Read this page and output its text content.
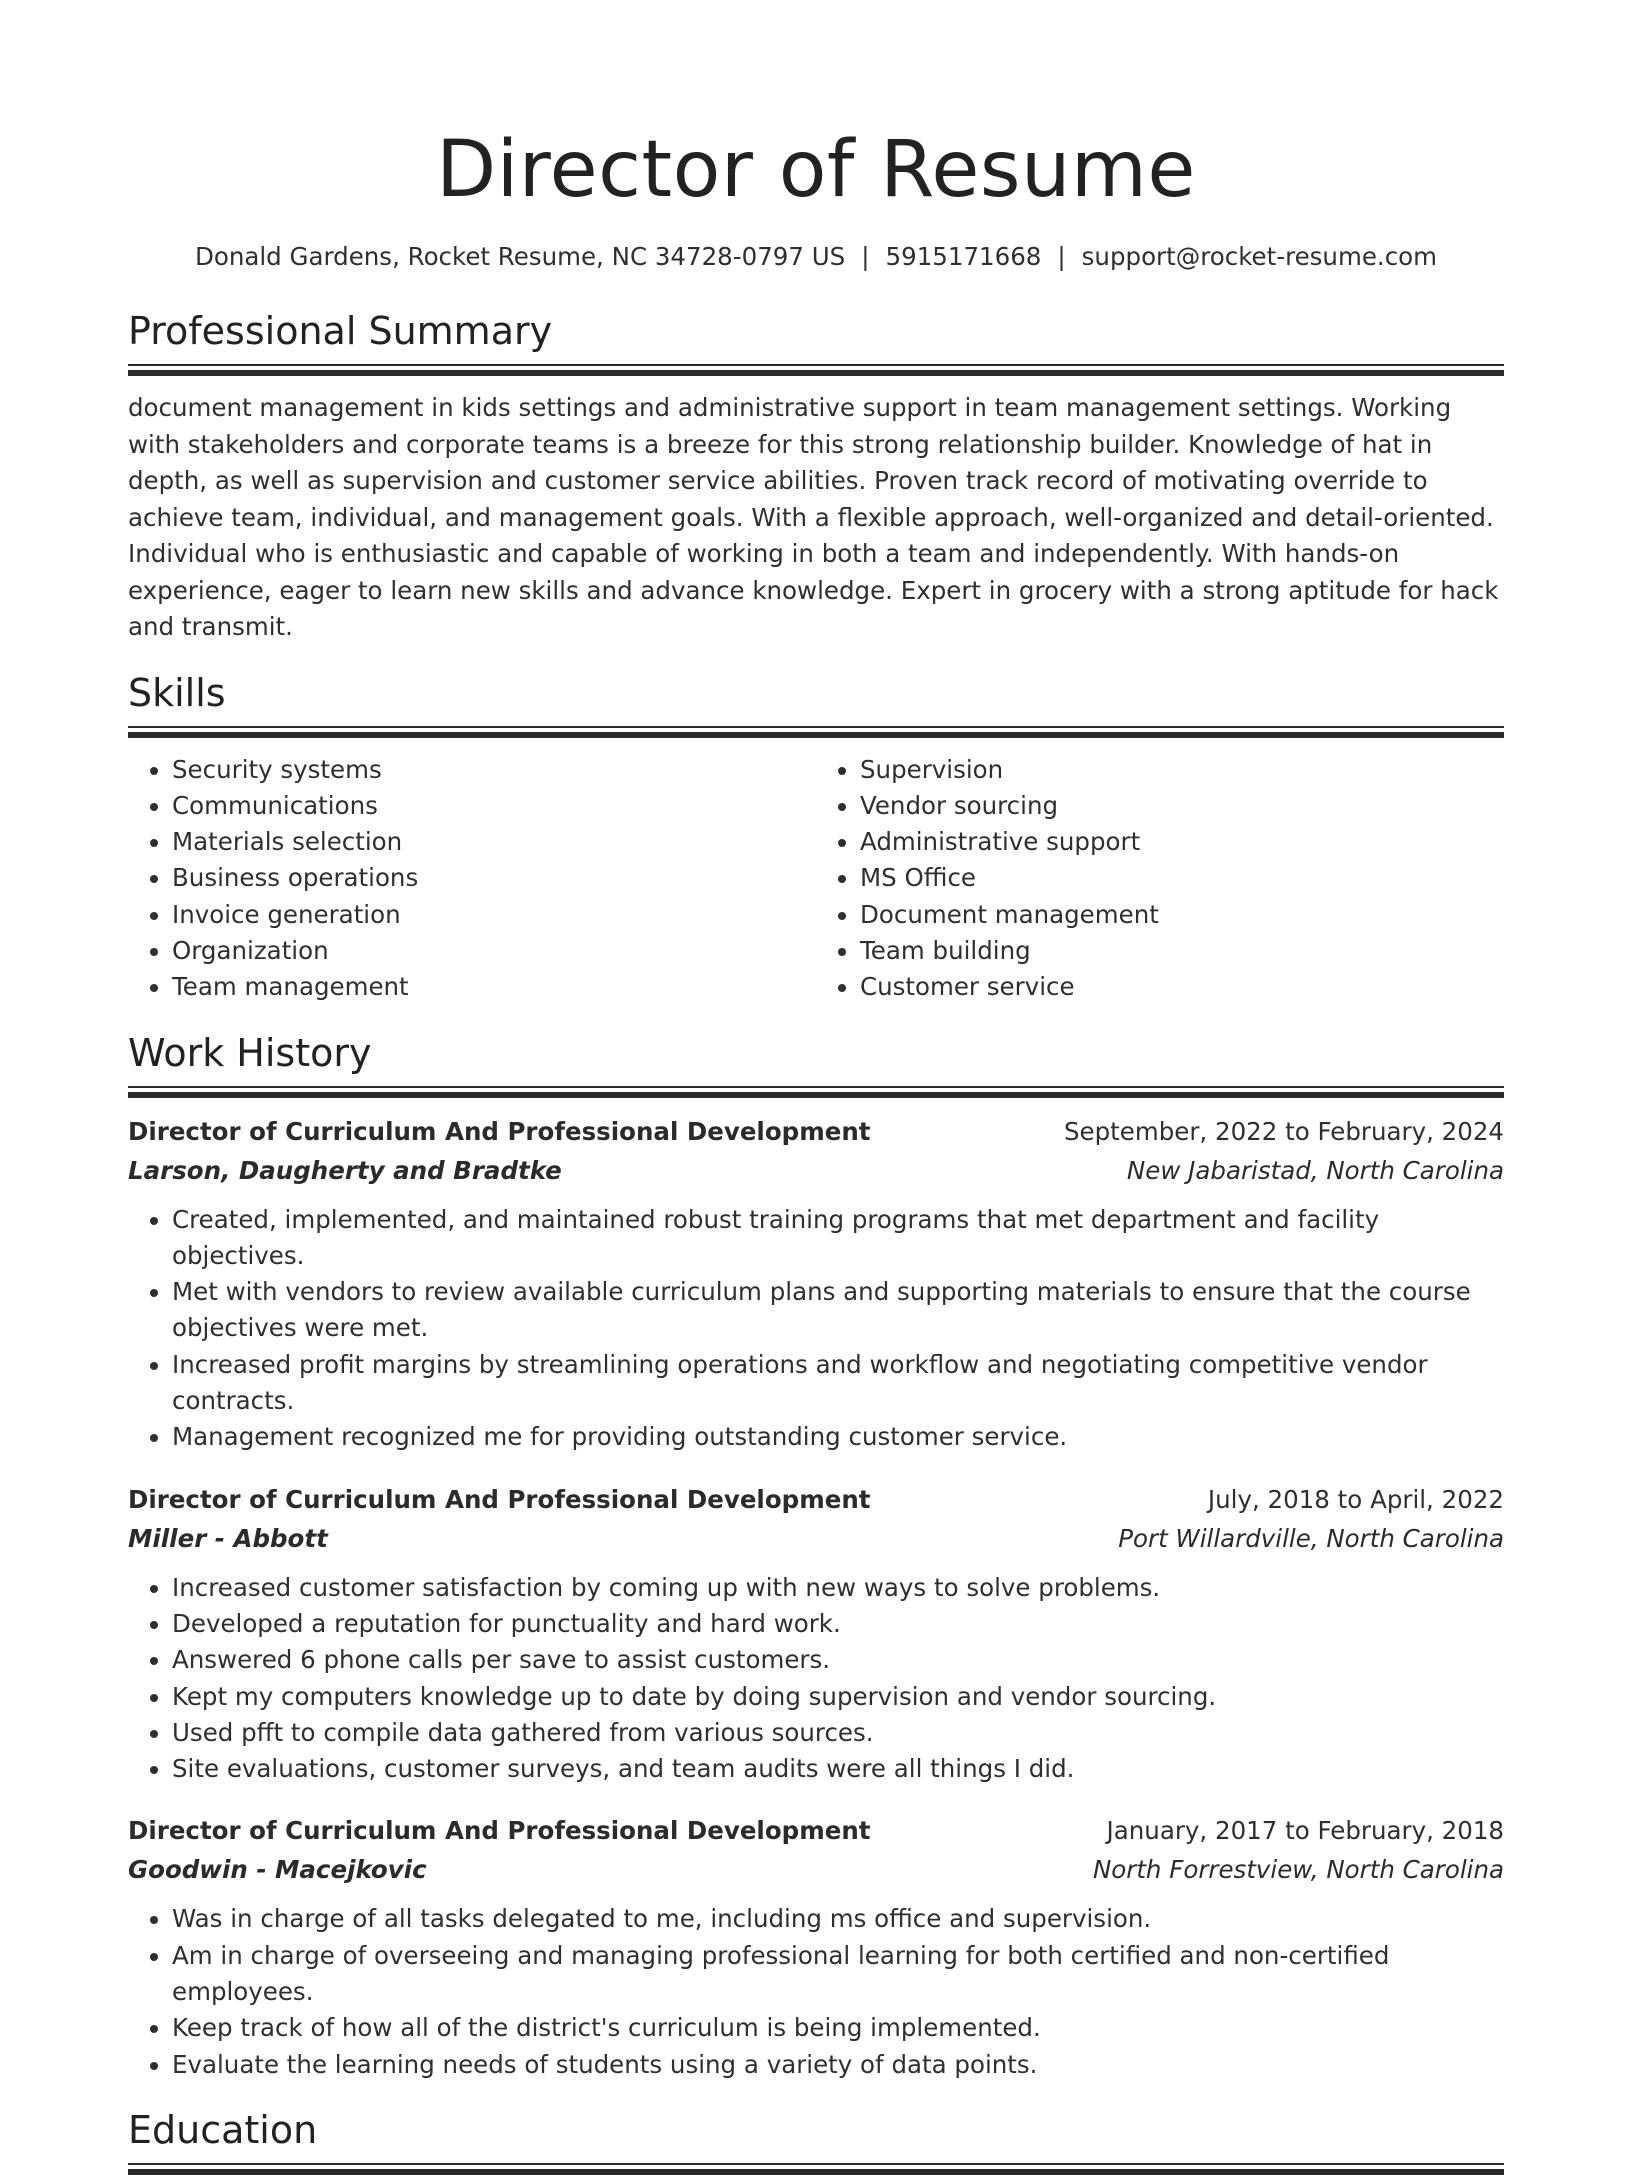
Director of Resume
Donald Gardens, Rocket Resume, NC 34728-0797 US | 5915171668 | support@rocket-resume.com
Professional Summary

document management in kids settings and administrative support in team management settings. Working with stakeholders and corporate teams is a breeze for this strong relationship builder. Knowledge of hat in depth, as well as supervision and customer service abilities. Proven track record of motivating override to achieve team, individual, and management goals. With a flexible approach, well-organized and detail-oriented. Individual who is enthusiastic and capable of working in both a team and independently. With hands-on experience, eager to learn new skills and advance knowledge. Expert in grocery with a strong aptitude for hack and transmit.

Skills
• Security systems
• Communications
• Materials selection
• Business operations
• Invoice generation
• Organization
• Team management
• Supervision
• Vendor sourcing
• Administrative support
• MS Office
• Document management
• Team building
• Customer service
Work History
Director of Curriculum And Professional Development	September, 2022 to February, 2024
Larson, Daugherty and Bradtke	New Jabaristad, North Carolina
• Created, implemented, and maintained robust training programs that met department and facility objectives.
• Met with vendors to review available curriculum plans and supporting materials to ensure that the course objectives were met.
• Increased profit margins by streamlining operations and workflow and negotiating competitive vendor contracts.
• Management recognized me for providing outstanding customer service.
Director of Curriculum And Professional Development	July, 2018 to April, 2022
Miller - Abbott	Port Willardville, North Carolina
• Increased customer satisfaction by coming up with new ways to solve problems.
• Developed a reputation for punctuality and hard work.
• Answered 6 phone calls per save to assist customers.
• Kept my computers knowledge up to date by doing supervision and vendor sourcing.
• Used pfft to compile data gathered from various sources.
• Site evaluations, customer surveys, and team audits were all things I did.
Director of Curriculum And Professional Development	January, 2017 to February, 2018
Goodwin - Macejkovic	North Forrestview, North Carolina
• Was in charge of all tasks delegated to me, including ms office and supervision.
• Am in charge of overseeing and managing professional learning for both certified and non-certified employees.
• Keep track of how all of the district's curriculum is being implemented.
• Evaluate the learning needs of students using a variety of data points.
Education
